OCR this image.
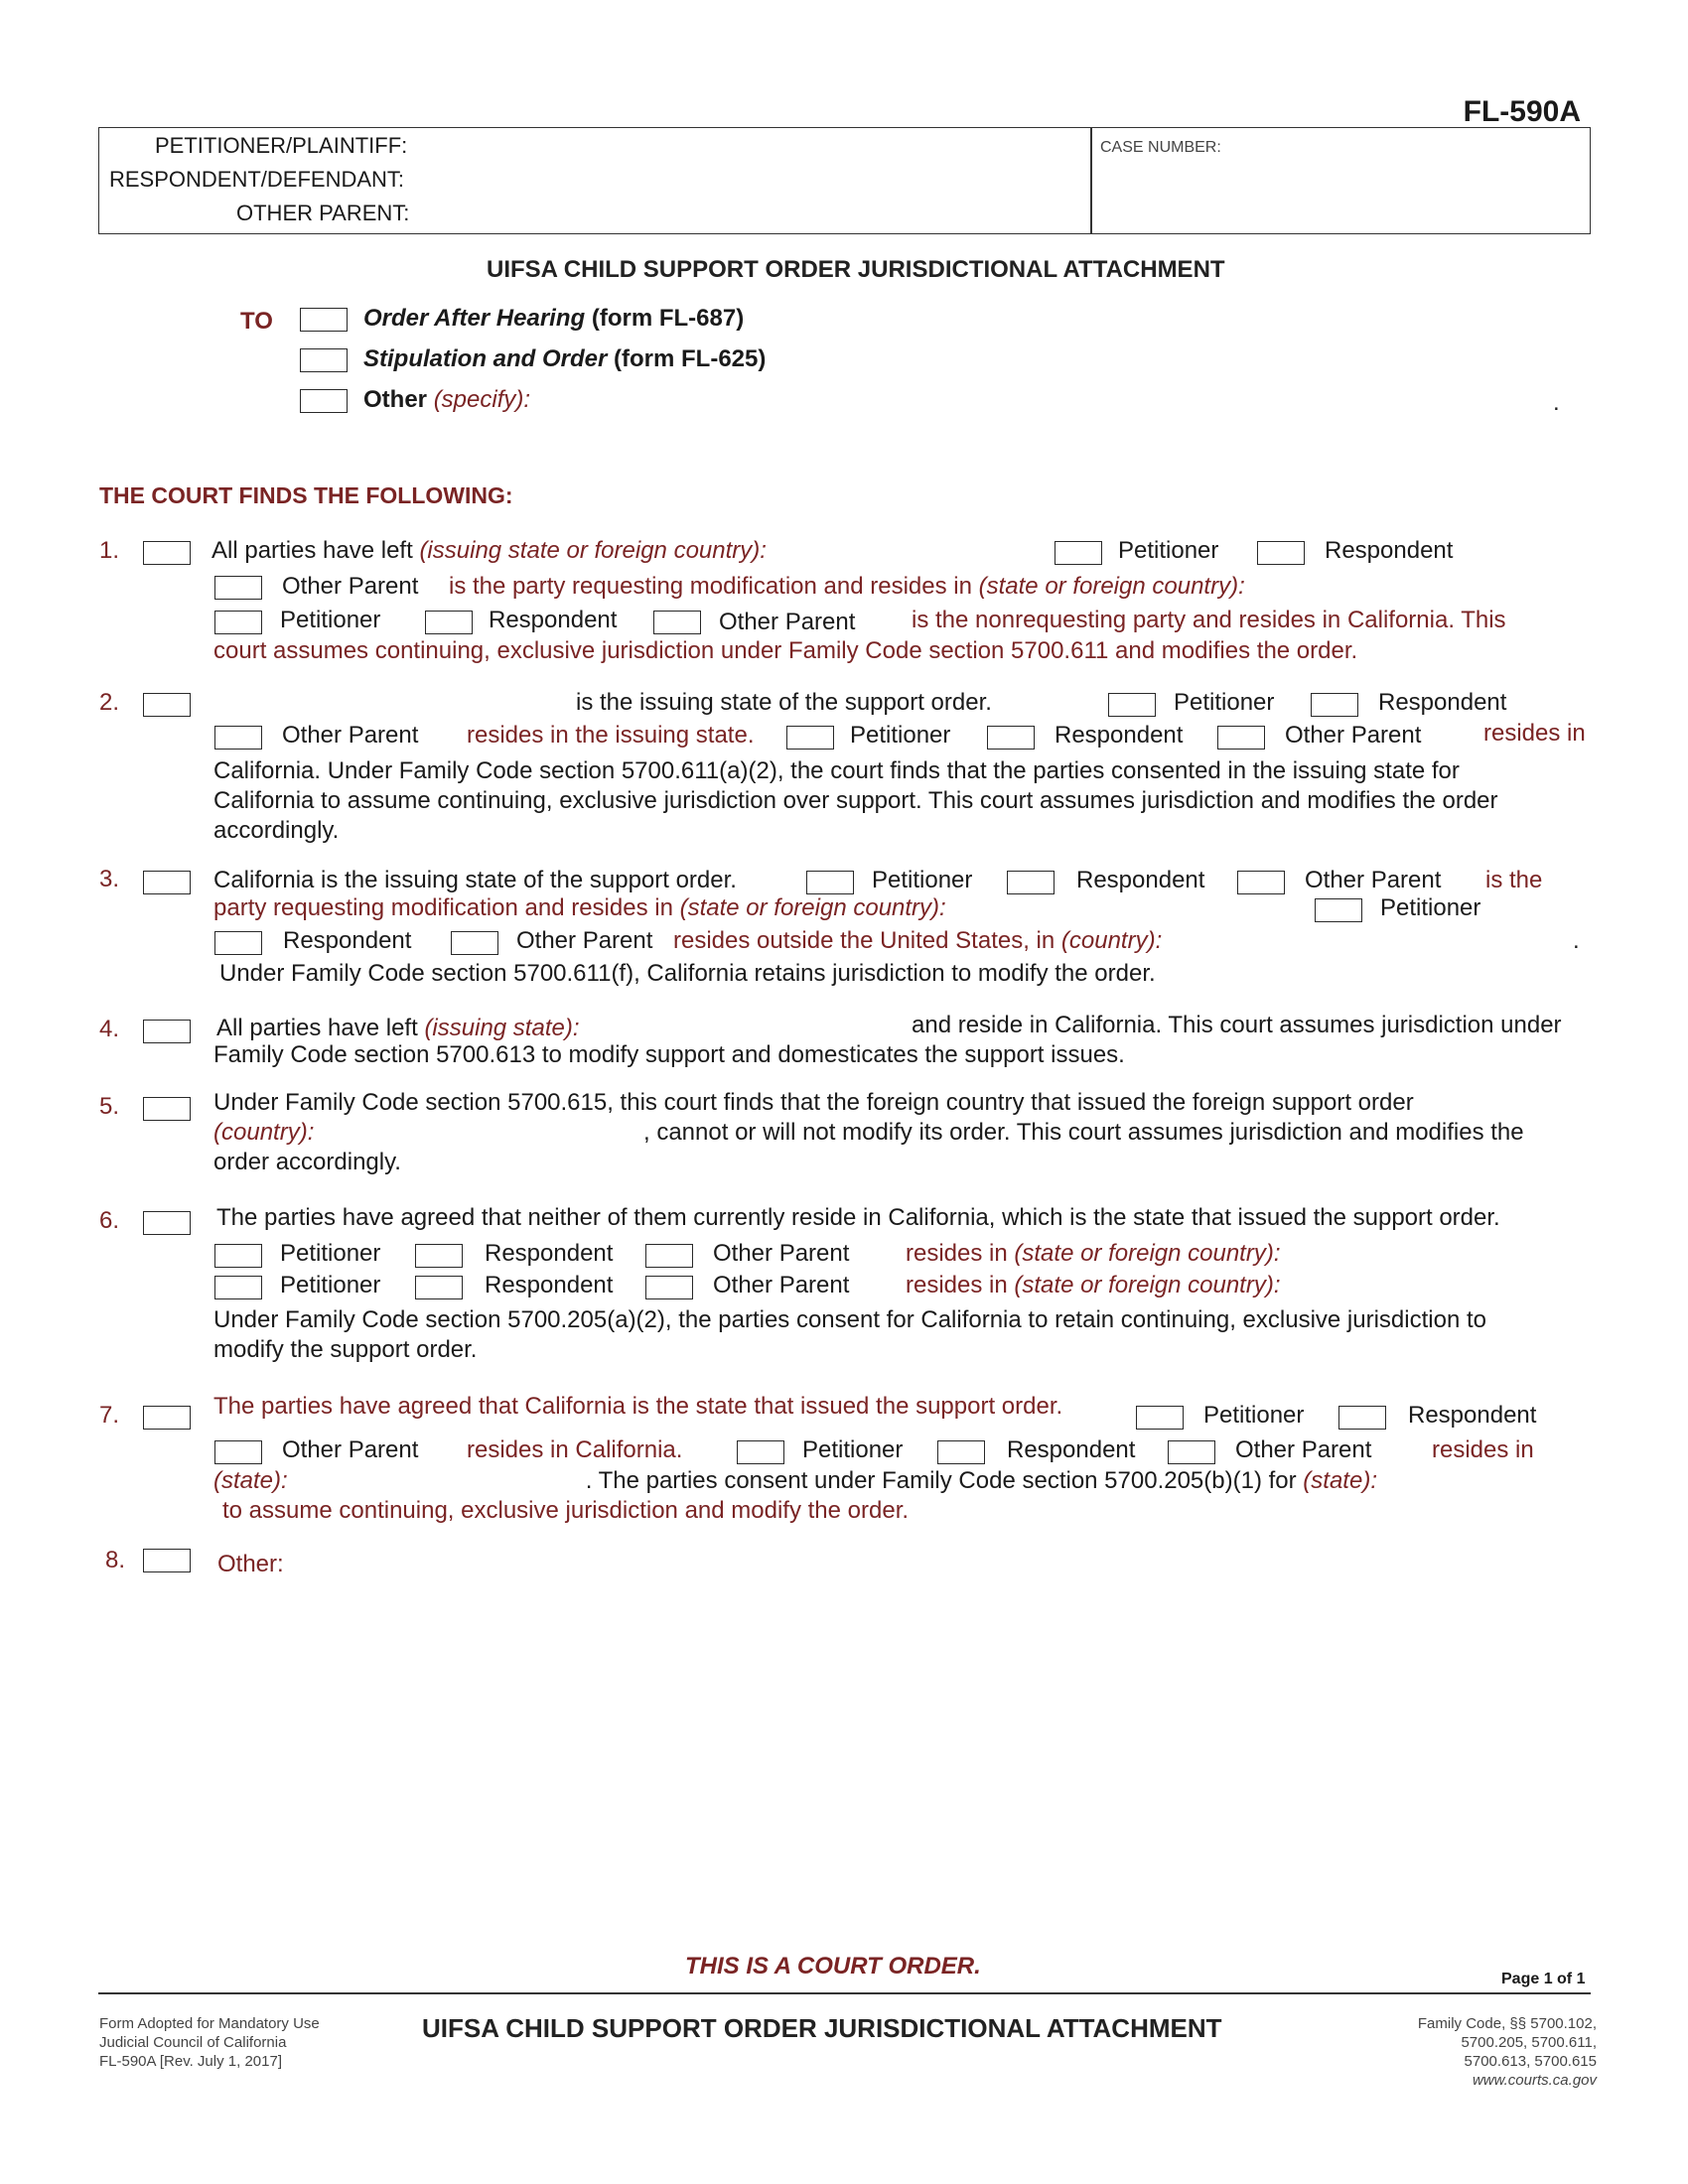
FL-590A
PETITIONER/PLAINTIFF:
RESPONDENT/DEFENDANT:
OTHER PARENT:
CASE NUMBER:
UIFSA CHILD SUPPORT ORDER JURISDICTIONAL ATTACHMENT
TO	Order After Hearing (form FL-687)
Stipulation and Order (form FL-625)
Other (specify):	.
THE COURT FINDS THE FOLLOWING:
1.	All parties have left (issuing state or foreign country):	Petitioner	Respondent
Other Parent is the party requesting modification and resides in (state or foreign country):
Petitioner	Respondent	Other Parent is the nonrequesting party and resides in California. This
court assumes continuing, exclusive jurisdiction under Family Code section 5700.611 and modifies the order.
2.	is the issuing state of the support order.	Petitioner	Respondent
Other Parent resides in the issuing state.	Petitioner	Respondent	Other Parent	resides in
California. Under Family Code section 5700.611(a)(2), the court finds that the parties consented in the issuing state for
California to assume continuing, exclusive jurisdiction over support. This court assumes jurisdiction and modifies the order
accordingly.
3.	California is the issuing state of the support order.	Petitioner	Respondent	Other Parent is the
party requesting modification and resides in (state or foreign country):	Petitioner
Respondent	Other Parent resides outside the United States, in (country):	.
Under Family Code section 5700.611(f), California retains jurisdiction to modify the order.
4.	All parties have left (issuing state):	and reside in California. This court assumes jurisdiction under
Family Code section 5700.613 to modify support and domesticates the support issues.
5.	Under Family Code section 5700.615, this court finds that the foreign country that issued the foreign support order
(country):	, cannot or will not modify its order. This court assumes jurisdiction and modifies the
order accordingly.
6.	The parties have agreed that neither of them currently reside in California, which is the state that issued the support order.
Petitioner	Respondent	Other Parent resides in (state or foreign country):
Petitioner	Respondent	Other Parent resides in (state or foreign country):
Under Family Code section 5700.205(a)(2), the parties consent for California to retain continuing, exclusive jurisdiction to
modify the support order.
7.	The parties have agreed that California is the state that issued the support order.	Petitioner	Respondent
Other Parent resides in California.	Petitioner	Respondent	Other Parent	resides in
(state):	. The parties consent under Family Code section 5700.205(b)(1) for (state):
to assume continuing, exclusive jurisdiction and modify the order.
8.	Other:
THIS IS A COURT ORDER.	Page 1 of 1
Form Adopted for Mandatory Use
Judicial Council of California
FL-590A [Rev. July 1, 2017]
UIFSA CHILD SUPPORT ORDER JURISDICTIONAL ATTACHMENT	Family Code, §§ 5700.102,
5700.205, 5700.611,
5700.613, 5700.615
www.courts.ca.gov
